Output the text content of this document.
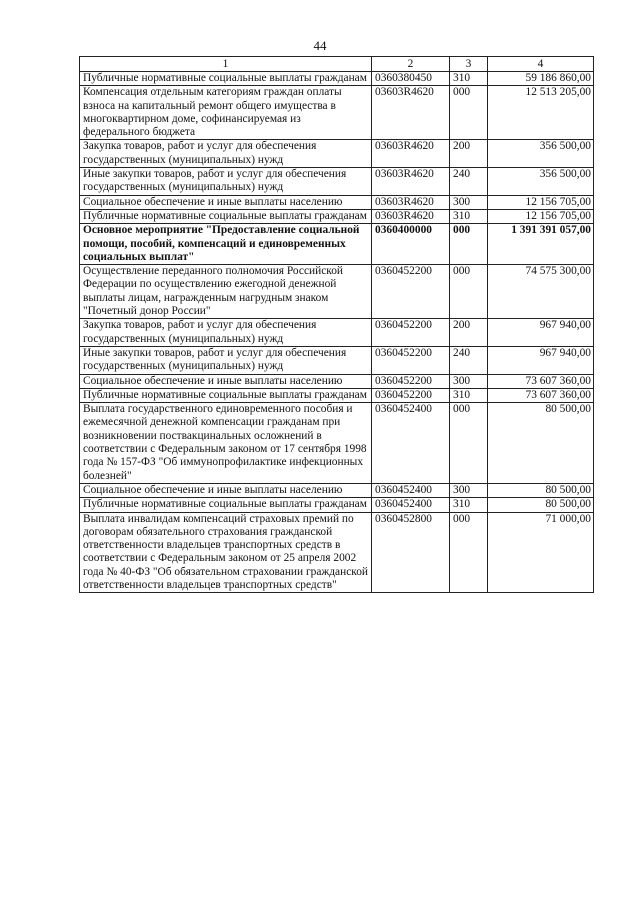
44
1	2	3	4
Публичные нормативные социальные выплаты гражданам	0360380450	310	59 186 860,00
Компенсация отдельным категориям граждан оплаты взноса на капитальный ремонт общего имущества в многоквартирном доме, софинансируемая из федерального бюджета	03603R4620	000	12 513 205,00
Закупка товаров, работ и услуг для обеспечения государственных (муниципальных) нужд	03603R4620	200	356 500,00
Иные закупки товаров, работ и услуг для обеспечения государственных (муниципальных) нужд	03603R4620	240	356 500,00
Социальное обеспечение и иные выплаты населению	03603R4620	300	12 156 705,00
Публичные нормативные социальные выплаты гражданам	03603R4620	310	12 156 705,00
Основное мероприятие "Предоставление социальной помощи, пособий, компенсаций и единовременных социальных выплат"	0360400000	000	1 391 391 057,00
Осуществление переданного полномочия Российской Федерации по осуществлению ежегодной денежной выплаты лицам, награжденным нагрудным знаком "Почетный донор России"	0360452200	000	74 575 300,00
Закупка товаров, работ и услуг для обеспечения государственных (муниципальных) нужд	0360452200	200	967 940,00
Иные закупки товаров, работ и услуг для обеспечения государственных (муниципальных) нужд	0360452200	240	967 940,00
Социальное обеспечение и иные выплаты населению	0360452200	300	73 607 360,00
Публичные нормативные социальные выплаты гражданам	0360452200	310	73 607 360,00
Выплата государственного единовременного пособия и ежемесячной денежной компенсации гражданам при возникновении поствакцинальных осложнений в соответствии с Федеральным законом от 17 сентября 1998 года № 157-ФЗ "Об иммунопрофилактике инфекционных болезней"	0360452400	000	80 500,00
Социальное обеспечение и иные выплаты населению	0360452400	300	80 500,00
Публичные нормативные социальные выплаты гражданам	0360452400	310	80 500,00
Выплата инвалидам компенсаций страховых премий по договорам обязательного страхования гражданской ответственности владельцев транспортных средств в соответствии с Федеральным законом от 25 апреля 2002 года № 40-ФЗ "Об обязательном страховании гражданской ответственности владельцев транспортных средств"	0360452800	000	71 000,00
